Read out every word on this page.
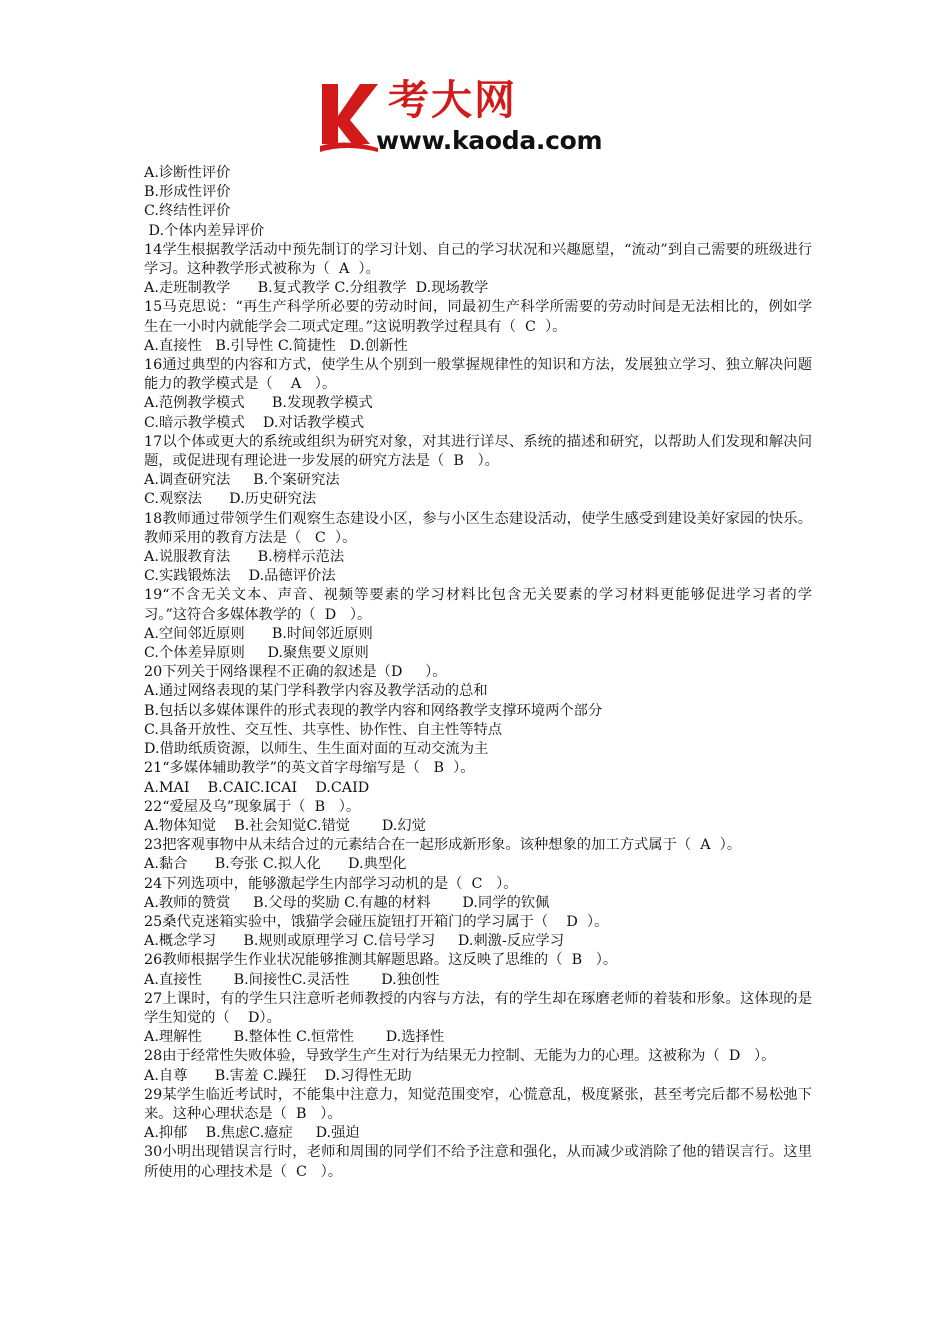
考大网
www.kaoda.com

A.诊断性评价

B.形成性评价

C.终结性评价

D.个体内差异评价

14学生根据教学活动中预先制订的学习计划、自己的学习状况和兴趣愿望，“流动”到自己需要的班级进行学习。这种教学形式被称为（  A  ）。

A.走班制教学      B.复式教学 C.分组教学  D.现场教学

15马克思说：“再生产科学所必要的劳动时间，同最初生产科学所需要的劳动时间是无法相比的，例如学生在一小时内就能学会二项式定理。”这说明教学过程具有（  C  ）。

A.直接性   B.引导性 C.简捷性   D.创新性

16通过典型的内容和方式，使学生从个别到一般掌握规律性的知识和方法，发展独立学习、独立解决问题能力的教学模式是（    A   ）。

A.范例教学模式      B.发现教学模式

C.暗示教学模式    D.对话教学模式

17以个体或更大的系统或组织为研究对象，对其进行详尽、系统的描述和研究，以帮助人们发现和解决问题，或促进现有理论进一步发展的研究方法是（  B   ）。

A.调查研究法     B.个案研究法

C.观察法      D.历史研究法

18教师通过带领学生们观察生态建设小区，参与小区生态建设活动，使学生感受到建设美好家园的快乐。教师采用的教育方法是（   C  ）。

A.说服教育法      B.榜样示范法

C.实践锻炼法    D.品德评价法

19“不含无关文本、声音、视频等要素的学习材料比包含无关要素的学习材料更能够促进学习者的学习。”这符合多媒体教学的（  D   ）。

A.空间邻近原则      B.时间邻近原则

C.个体差异原则     D.聚焦要义原则

20下列关于网络课程不正确的叙述是（D     ）。

A.通过网络表现的某门学科教学内容及教学活动的总和

B.包括以多媒体课件的形式表现的教学内容和网络教学支撑环境两个部分

C.具备开放性、交互性、共享性、协作性、自主性等特点

D.借助纸质资源，以师生、生生面对面的互动交流为主

21“多媒体辅助教学”的英文首字母缩写是（   B  ）。

A.MAI    B.CAIC.ICAI    D.CAID

22“爱屋及乌”现象属于（  B   ）。

A.物体知觉    B.社会知觉C.错觉       D.幻觉

23把客观事物中从未结合过的元素结合在一起形成新形象。该种想象的加工方式属于（  A  ）。

A.黏合      B.夸张 C.拟人化      D.典型化

24下列选项中，能够激起学生内部学习动机的是（  C   ）。

A.教师的赞赏     B.父母的奖励 C.有趣的材料       D.同学的钦佩

25桑代克迷箱实验中，饿猫学会碰压旋钮打开箱门的学习属于（    D  ）。

A.概念学习      B.规则或原理学习 C.信号学习     D.刺激-反应学习

26教师根据学生作业状况能够推测其解题思路。这反映了思维的（  B   ）。

A.直接性       B.间接性C.灵活性       D.独创性

27上课时，有的学生只注意听老师教授的内容与方法，有的学生却在琢磨老师的着装和形象。这体现的是学生知觉的（    D）。

A.理解性       B.整体性 C.恒常性       D.选择性

28由于经常性失败体验，导致学生产生对行为结果无力控制、无能为力的心理。这被称为（  D   ）。

A.自尊      B.害羞 C.躁狂    D.习得性无助

29某学生临近考试时，不能集中注意力，知觉范围变窄，心慌意乱，极度紧张，甚至考完后都不易松弛下来。这种心理状态是（  B   ）。

A.抑郁    B.焦虑C.癔症     D.强迫

30小明出现错误言行时，老师和周围的同学们不给予注意和强化，从而减少或消除了他的错误言行。这里所使用的心理技术是（  C   ）。
